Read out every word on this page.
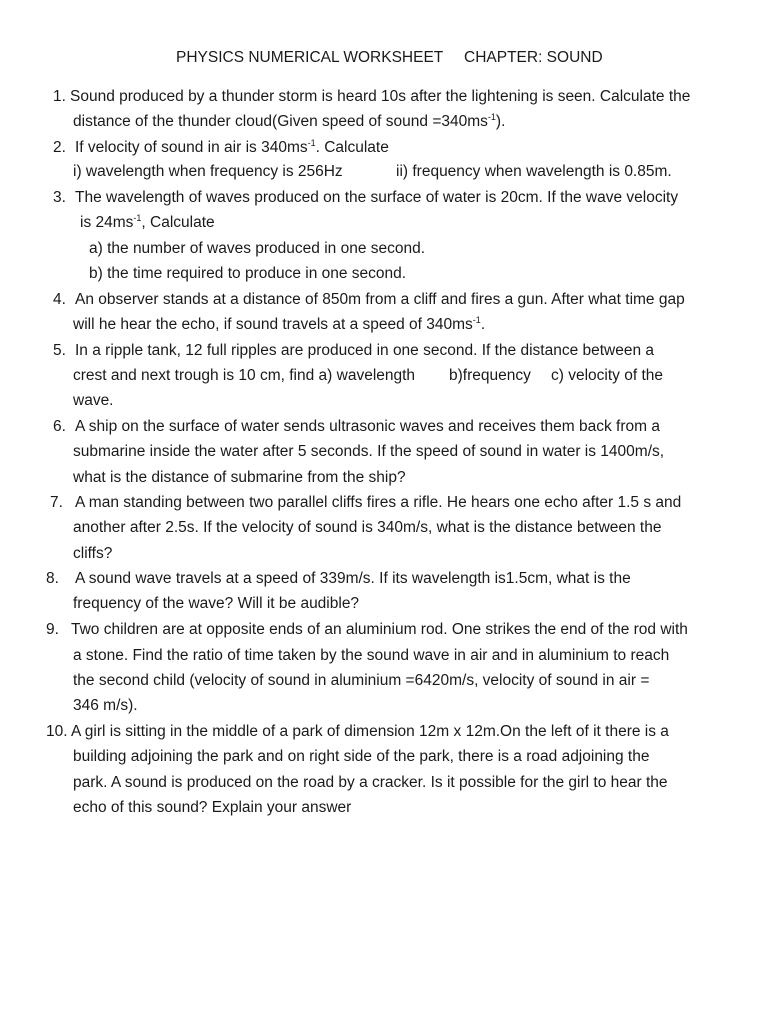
PHYSICS NUMERICAL WORKSHEET CHAPTER: SOUND
1. Sound produced by a thunder storm is heard 10s after the lightening is seen. Calculate the
distance of the thunder cloud(Given speed of sound $=340ms^{-1}$).
2. If velocity of sound in air is $340ms^{-1}$. Calculate
i) wavelength when frequency is 256Hz	ii) frequency when wavelength is 0.85m.
3. The wavelength of waves produced on the surface of water is 20cm. If the wave velocity
is $24ms^{-1}$, Calculate
a) the number of waves produced in one second.
b) the time required to produce in one second.
4. An observer stands at a distance of 850m from a cliff and fires a gun. After what time gap
will he hear the echo, if sound travels at a speed of $340ms^{-1}$.
5. In a ripple tank, 12 full ripples are produced in one second. If the distance between a
crest and next trough is 10 cm, find a) wavelength b)frequency c) velocity of the
wave.
6. A ship on the surface of water sends ultrasonic waves and receives them back from a
submarine inside the water after 5 seconds. If the speed of sound in water is 1400m/s,
what is the distance of submarine from the ship?
7. A man standing between two parallel cliffs fires a rifle. He hears one echo after 1.5 s and
another after 2.5s. If the velocity of sound is 340m/s, what is the distance between the
cliffs?
8. A sound wave travels at a speed of 339m/s. If its wavelength is1.5cm, what is the
frequency of the wave? Will it be audible?
9. Two children are at opposite ends of an aluminium rod. One strikes the end of the rod with
a stone. Find the ratio of time taken by the sound wave in air and in aluminium to reach
the second child (velocity of sound in aluminium =6420m/s, velocity of sound in air =
346 m/s).
10. A girl is sitting in the middle of a park of dimension 12m x 12m.On the left of it there is a
building adjoining the park and on right side of the park, there is a road adjoining the
park. A sound is produced on the road by a cracker. Is it possible for the girl to hear the
echo of this sound? Explain your answer
